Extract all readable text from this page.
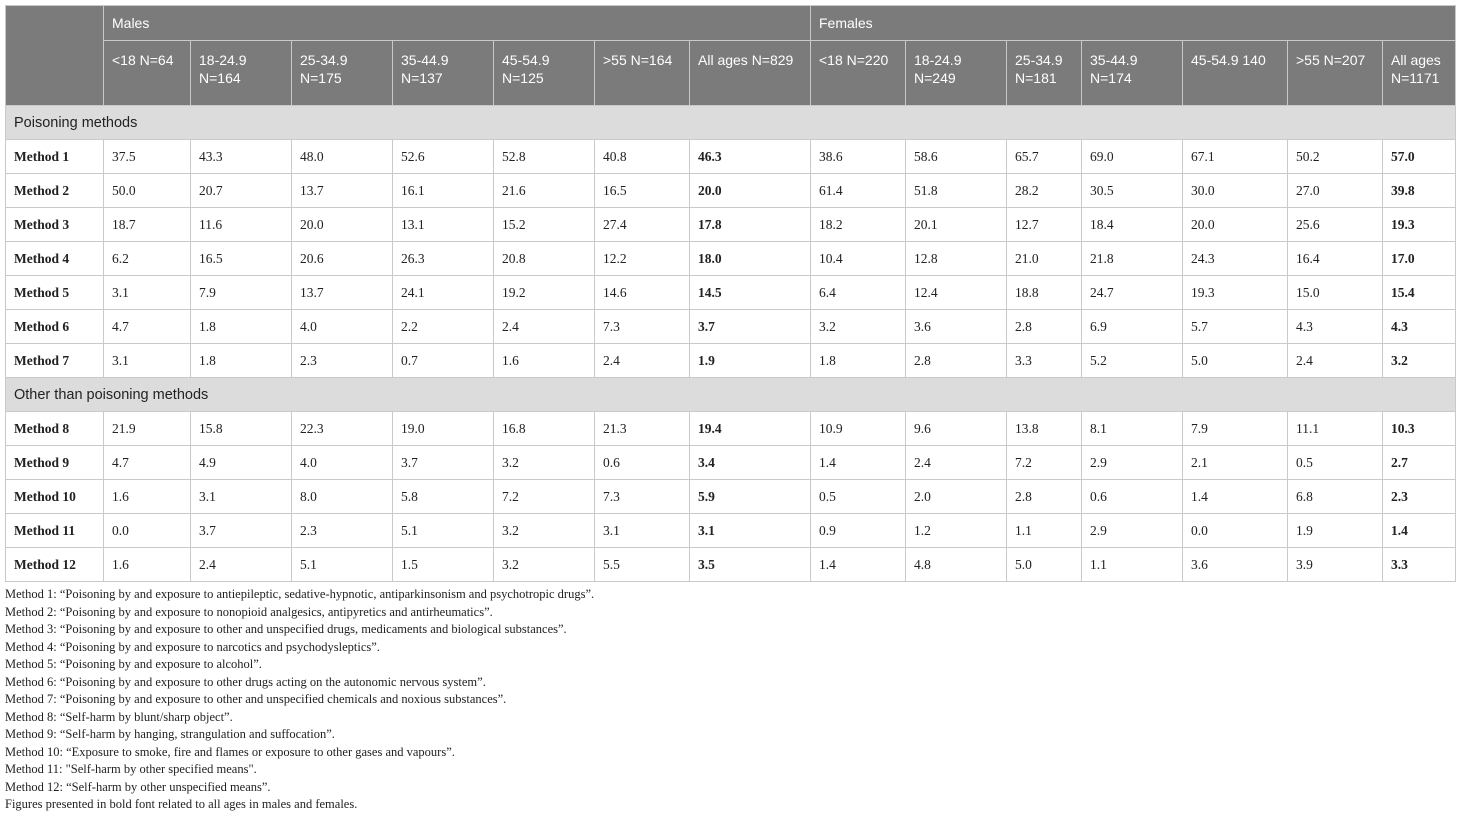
	Males							Females						
	<18 N=64	18-24.9 N=164	25-34.9 N=175	35-44.9 N=137	45-54.9 N=125	>55 N=164	All ages N=829	<18 N=220	18-24.9 N=249	25-34.9 N=181	35-44.9 N=174	45-54.9 140	>55 N=207	All ages N=1171
Poisoning methods														
Method 1	37.5	43.3	48.0	52.6	52.8	40.8	46.3	38.6	58.6	65.7	69.0	67.1	50.2	57.0
Method 2	50.0	20.7	13.7	16.1	21.6	16.5	20.0	61.4	51.8	28.2	30.5	30.0	27.0	39.8
Method 3	18.7	11.6	20.0	13.1	15.2	27.4	17.8	18.2	20.1	12.7	18.4	20.0	25.6	19.3
Method 4	6.2	16.5	20.6	26.3	20.8	12.2	18.0	10.4	12.8	21.0	21.8	24.3	16.4	17.0
Method 5	3.1	7.9	13.7	24.1	19.2	14.6	14.5	6.4	12.4	18.8	24.7	19.3	15.0	15.4
Method 6	4.7	1.8	4.0	2.2	2.4	7.3	3.7	3.2	3.6	2.8	6.9	5.7	4.3	4.3
Method 7	3.1	1.8	2.3	0.7	1.6	2.4	1.9	1.8	2.8	3.3	5.2	5.0	2.4	3.2
Other than poisoning methods														
Method 8	21.9	15.8	22.3	19.0	16.8	21.3	19.4	10.9	9.6	13.8	8.1	7.9	11.1	10.3
Method 9	4.7	4.9	4.0	3.7	3.2	0.6	3.4	1.4	2.4	7.2	2.9	2.1	0.5	2.7
Method 10	1.6	3.1	8.0	5.8	7.2	7.3	5.9	0.5	2.0	2.8	0.6	1.4	6.8	2.3
Method 11	0.0	3.7	2.3	5.1	3.2	3.1	3.1	0.9	1.2	1.1	2.9	0.0	1.9	1.4
Method 12	1.6	2.4	5.1	1.5	3.2	5.5	3.5	1.4	4.8	5.0	1.1	3.6	3.9	3.3
Method 1: “Poisoning by and exposure to antiepileptic, sedative-hypnotic, antiparkinsonism and psychotropic drugs”.
Method 2: “Poisoning by and exposure to nonopioid analgesics, antipyretics and antirheumatics”.
Method 3: “Poisoning by and exposure to other and unspecified drugs, medicaments and biological substances”.
Method 4: “Poisoning by and exposure to narcotics and psychodysleptics”.
Method 5: “Poisoning by and exposure to alcohol”.
Method 6: “Poisoning by and exposure to other drugs acting on the autonomic nervous system”.
Method 7: “Poisoning by and exposure to other and unspecified chemicals and noxious substances”.
Method 8: “Self-harm by blunt/sharp object”.
Method 9: “Self-harm by hanging, strangulation and suffocation”.
Method 10: “Exposure to smoke, fire and flames or exposure to other gases and vapours”.
Method 11: "Self-harm by other specified means".
Method 12: “Self-harm by other unspecified means”.
Figures presented in bold font related to all ages in males and females.
